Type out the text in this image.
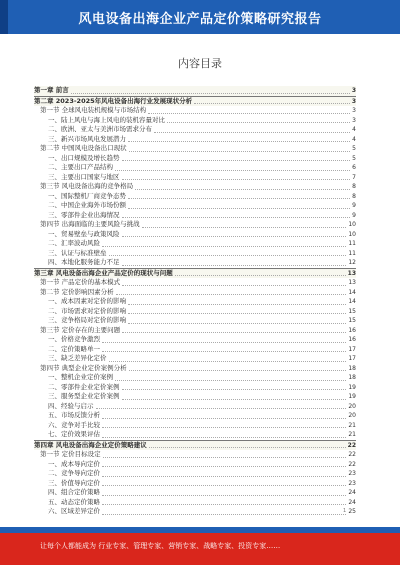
风电设备出海企业产品定价策略研究报告
内容目录
第一章 前言	3
第二章 2023-2025年风电设备出海行业发展现状分析	3
第一节 全球风电装机规模与市场结构	3
一、陆上风电与海上风电的装机容量对比	3
二、欧洲、亚太与美洲市场需求分布	4
三、新兴市场风电发展潜力	4
第二节 中国风电设备出口现状	5
一、出口规模及增长趋势	5
二、主要出口产品结构	6
三、主要出口国家与地区	7
第三节 风电设备出海的竞争格局	8
一、国际整机厂商竞争态势	8
二、中国企业海外市场份额	9
三、零部件企业出海情况	9
第四节 出海面临的主要风险与挑战	10
一、贸易壁垒与政策风险	10
二、汇率波动风险	11
三、认证与标准壁垒	11
四、本地化服务能力不足	12
第三章 风电设备出海企业产品定价的现状与问题	13
第一节 产品定价的基本模式	13
第二节 定价影响因素分析	14
一、成本因素对定价的影响	14
二、市场需求对定价的影响	15
三、竞争格局对定价的影响	15
第三节 定价存在的主要问题	16
一、价格竞争激烈	16
二、定价策略单一	17
三、缺乏差异化定价	17
第四节 典型企业定价案例分析	18
一、整机企业定价案例	18
二、零部件企业定价案例	19
三、服务型企业定价案例	19
四、经验与启示	20
五、市场反馈分析	20
六、竞争对手比较	21
七、定价效果评估	21
第四章 风电设备出海企业定价策略建议	22
第一节 定价目标设定	22
一、成本导向定价	22
二、竞争导向定价	23
三、价值导向定价	23
四、组合定价策略	24
五、动态定价策略	24
六、区域差异定价	25
1
让每个人都能成为 行业专家、管理专家、营销专家、战略专家、投资专家……
